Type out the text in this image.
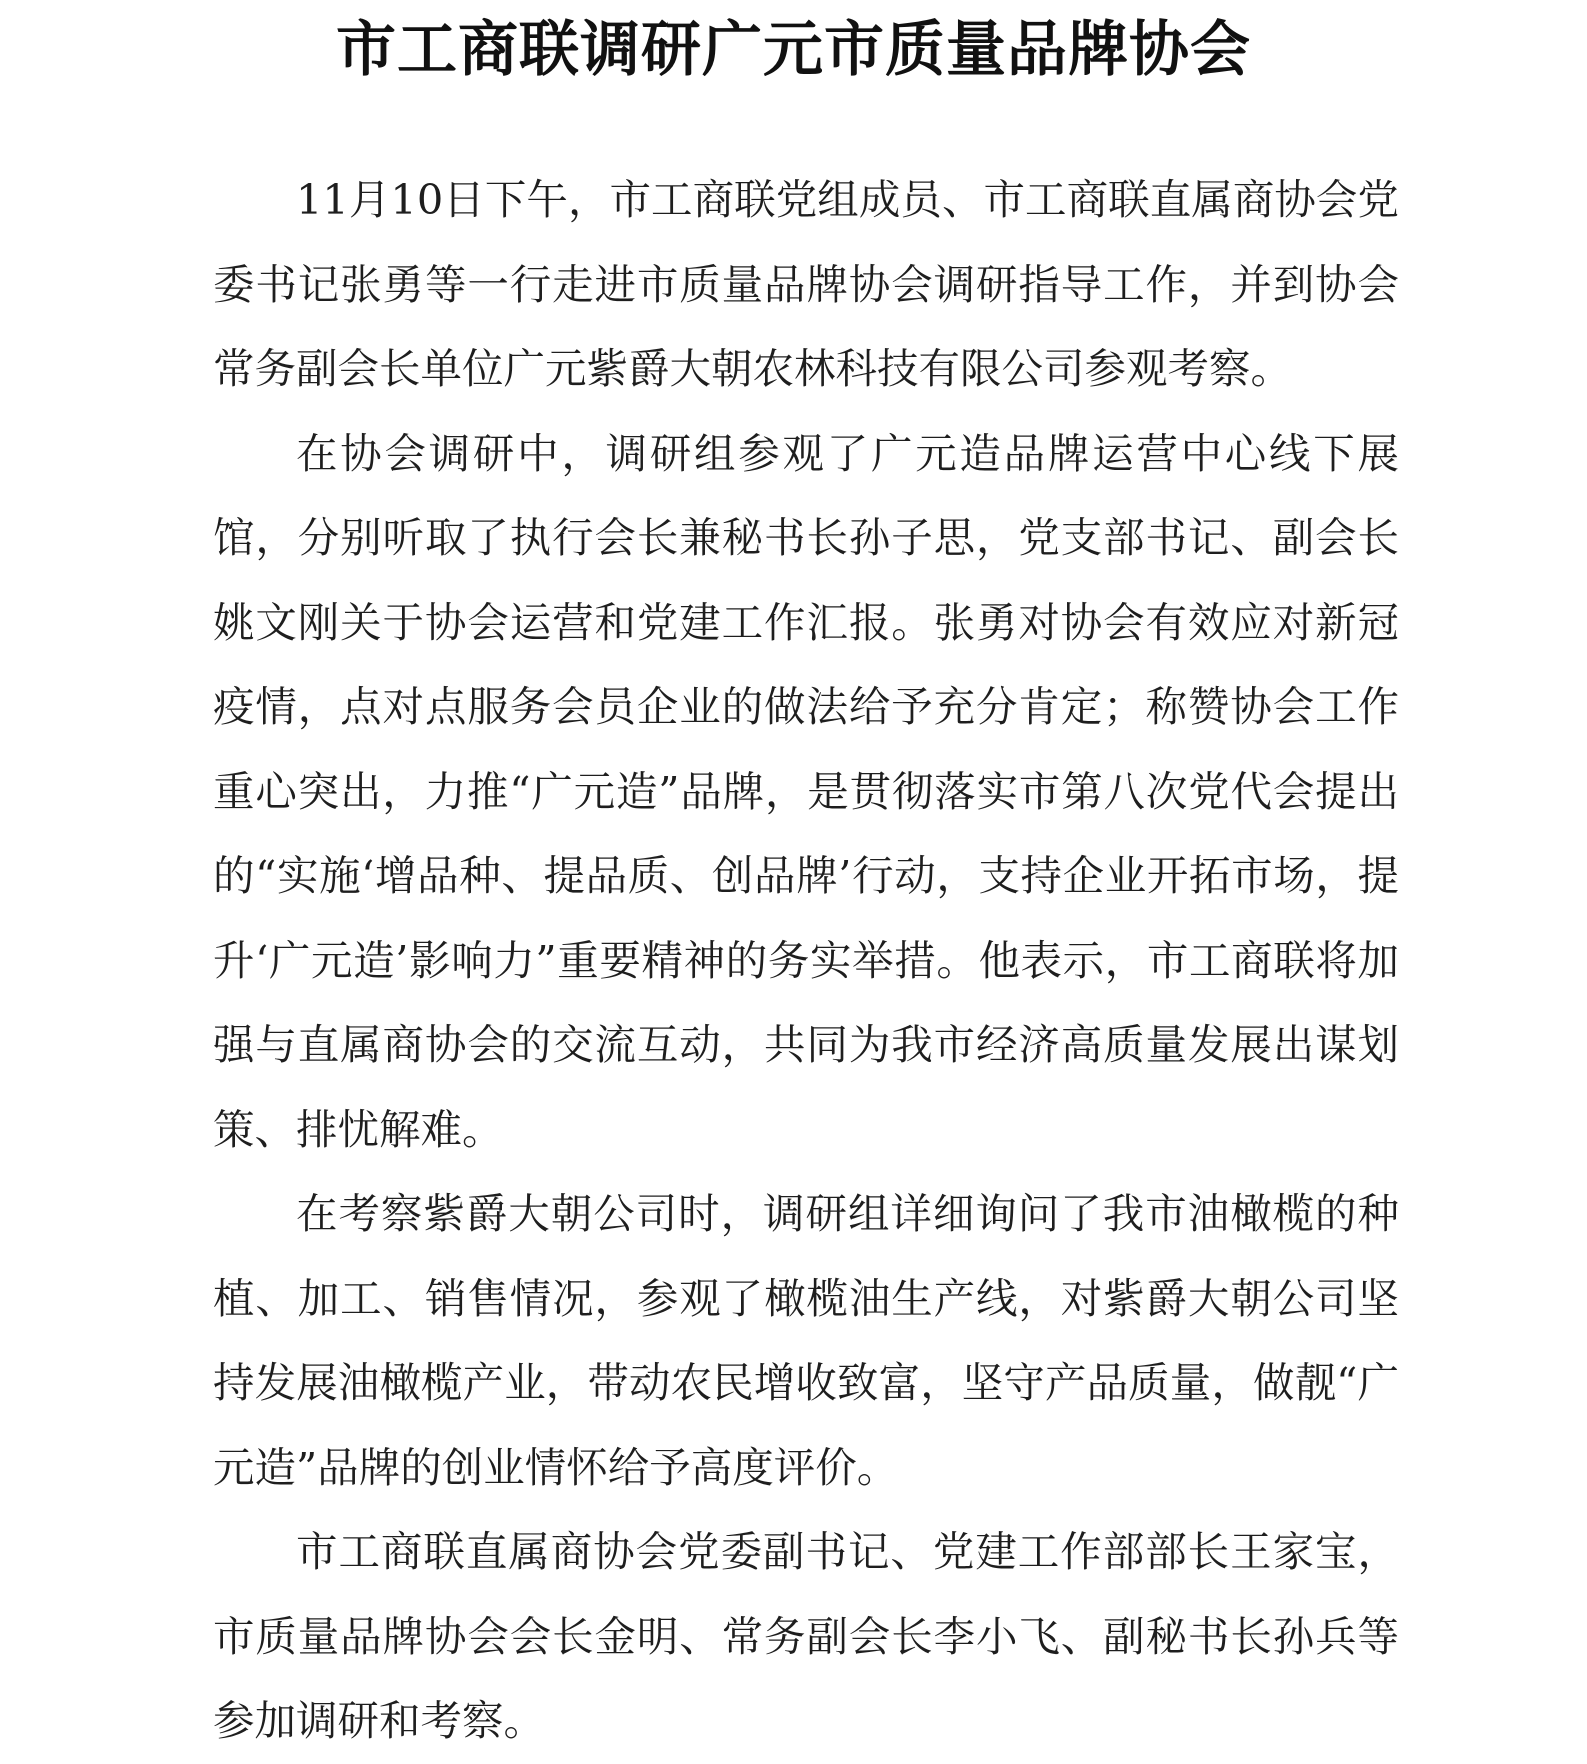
市工商联调研广元市质量品牌协会

11月10日下午，市工商联党组成员、市工商联直属商协会党委书记张勇等一行走进市质量品牌协会调研指导工作，并到协会常务副会长单位广元紫爵大朝农林科技有限公司参观考察。

在协会调研中，调研组参观了广元造品牌运营中心线下展馆，分别听取了执行会长兼秘书长孙子思，党支部书记、副会长姚文刚关于协会运营和党建工作汇报。张勇对协会有效应对新冠疫情，点对点服务会员企业的做法给予充分肯定；称赞协会工作重心突出，力推“广元造”品牌，是贯彻落实市第八次党代会提出的“实施‘增品种、提品质、创品牌’行动，支持企业开拓市场，提升‘广元造’影响力”重要精神的务实举措。他表示，市工商联将加强与直属商协会的交流互动，共同为我市经济高质量发展出谋划策、排忧解难。

在考察紫爵大朝公司时，调研组详细询问了我市油橄榄的种植、加工、销售情况，参观了橄榄油生产线，对紫爵大朝公司坚持发展油橄榄产业，带动农民增收致富，坚守产品质量，做靓“广元造”品牌的创业情怀给予高度评价。

市工商联直属商协会党委副书记、党建工作部部长王家宝，市质量品牌协会会长金明、常务副会长李小飞、副秘书长孙兵等参加调研和考察。
